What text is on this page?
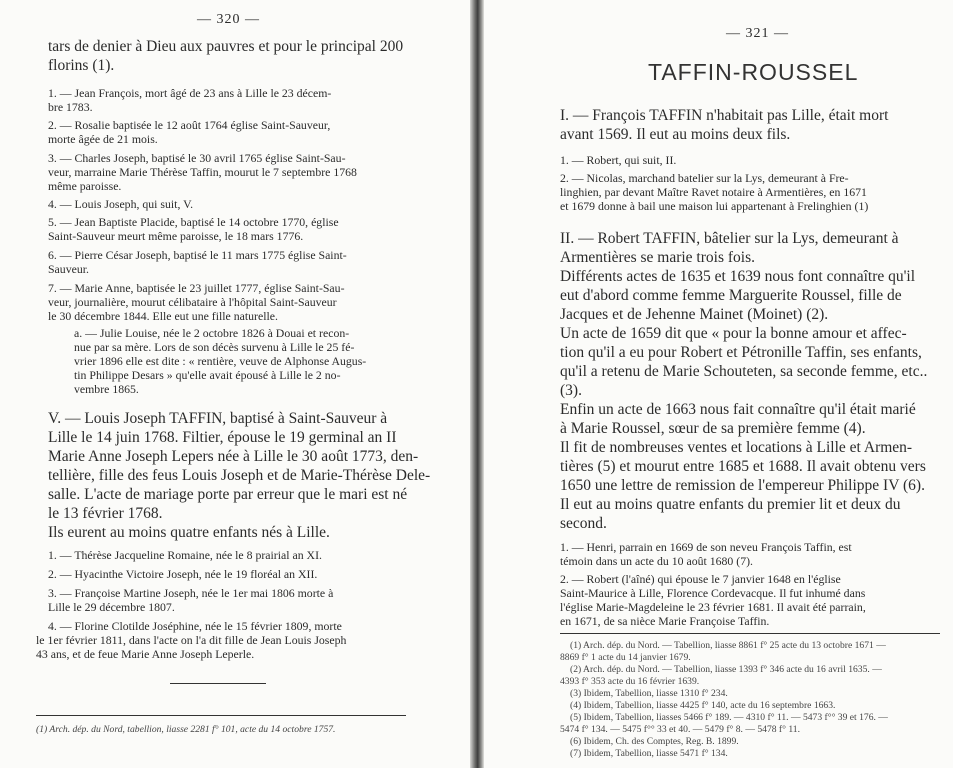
— 320 —
tars de denier à Dieu aux pauvres et pour le principal 200
florins (1).
1. — Jean François, mort âgé de 23 ans à Lille le 23 décem-
bre 1783.
2. — Rosalie baptisée le 12 août 1764 église Saint-Sauveur,
morte âgée de 21 mois.
3. — Charles Joseph, baptisé le 30 avril 1765 église Saint-Sau-
veur, marraine Marie Thérèse Taffin, mourut le 7 septembre 1768
même paroisse.
4. — Louis Joseph, qui suit, V.
5. — Jean Baptiste Placide, baptisé le 14 octobre 1770, église
Saint-Sauveur meurt même paroisse, le 18 mars 1776.
6. — Pierre César Joseph, baptisé le 11 mars 1775 église Saint-
Sauveur.
7. — Marie Anne, baptisée le 23 juillet 1777, église Saint-Sau-
veur, journalière, mourut célibataire à l'hôpital Saint-Sauveur
le 30 décembre 1844. Elle eut une fille naturelle.
a. — Julie Louise, née le 2 octobre 1826 à Douai et recon-
nue par sa mère. Lors de son décès survenu à Lille le 25 fé-
vrier 1896 elle est dite : « rentière, veuve de Alphonse Augus-
tin Philippe Desars » qu'elle avait épousé à Lille le 2 no-
vembre 1865.
V. — Louis Joseph TAFFIN, baptisé à Saint-Sauveur à
Lille le 14 juin 1768. Filtier, épouse le 19 germinal an II
Marie Anne Joseph Lepers née à Lille le 30 août 1773, den-
tellière, fille des feus Louis Joseph et de Marie-Thérèse Dele-
salle. L'acte de mariage porte par erreur que le mari est né
le 13 février 1768.
Ils eurent au moins quatre enfants nés à Lille.
1. — Thérèse Jacqueline Romaine, née le 8 prairial an XI.
2. — Hyacinthe Victoire Joseph, née le 19 floréal an XII.
3. — Françoise Martine Joseph, née le 1er mai 1806 morte à
Lille le 29 décembre 1807.
4. — Florine Clotilde Joséphine, née le 15 février 1809, morte
le 1er février 1811, dans l'acte on l'a dit fille de Jean Louis Joseph
43 ans, et de feue Marie Anne Joseph Leperle.
(1) Arch. dép. du Nord, tabellion, liasse 2281 f° 101, acte du 14 octobre 1757.
— 321 —
TAFFIN-ROUSSEL
I. — François TAFFIN n'habitait pas Lille, était mort
avant 1569. Il eut au moins deux fils.
1. — Robert, qui suit, II.
2. — Nicolas, marchand batelier sur la Lys, demeurant à Fre-
linghien, par devant Maître Ravet notaire à Armentières, en 1671
et 1679 donne à bail une maison lui appartenant à Frelinghien (1)
II. — Robert TAFFIN, bâtelier sur la Lys, demeurant à
Armentières se marie trois fois.
Différents actes de 1635 et 1639 nous font connaître qu'il
eut d'abord comme femme Marguerite Roussel, fille de
Jacques et de Jehenne Mainet (Moinet) (2).
Un acte de 1659 dit que « pour la bonne amour et affec-
tion qu'il a eu pour Robert et Pétronille Taffin, ses enfants,
qu'il a retenu de Marie Schouteten, sa seconde femme, etc..
(3).
Enfin un acte de 1663 nous fait connaître qu'il était marié
à Marie Roussel, sœur de sa première femme (4).
Il fit de nombreuses ventes et locations à Lille et Armen-
tières (5) et mourut entre 1685 et 1688. Il avait obtenu vers
1650 une lettre de remission de l'empereur Philippe IV (6).
Il eut au moins quatre enfants du premier lit et deux du
second.
1. — Henri, parrain en 1669 de son neveu François Taffin, est
témoin dans un acte du 10 août 1680 (7).
2. — Robert (l'aîné) qui épouse le 7 janvier 1648 en l'église
Saint-Maurice à Lille, Florence Cordevacque. Il fut inhumé dans
l'église Marie-Magdeleine le 23 février 1681. Il avait été parrain,
en 1671, de sa nièce Marie Françoise Taffin.
(1) Arch. dép. du Nord. — Tabellion, liasse 8861 f° 25 acte du 13 octobre 1671 —
8869 f° 1 acte du 14 janvier 1679.
(2) Arch. dép. du Nord. — Tabellion, liasse 1393 f° 346 acte du 16 avril 1635. —
4393 f° 353 acte du 16 février 1639.
(3) Ibidem, Tabellion, liasse 1310 f° 234.
(4) Ibidem, Tabellion, liasse 4425 f° 140, acte du 16 septembre 1663.
(5) Ibidem, Tabellion, liasses 5466 f° 189. — 4310 f° 11. — 5473 f°° 39 et 176. —
5474 f° 134. — 5475 f°° 33 et 40. — 5479 f° 8. — 5478 f° 11.
(6) Ibidem, Ch. des Comptes, Reg. B. 1899.
(7) Ibidem, Tabellion, liasse 5471 f° 134.
